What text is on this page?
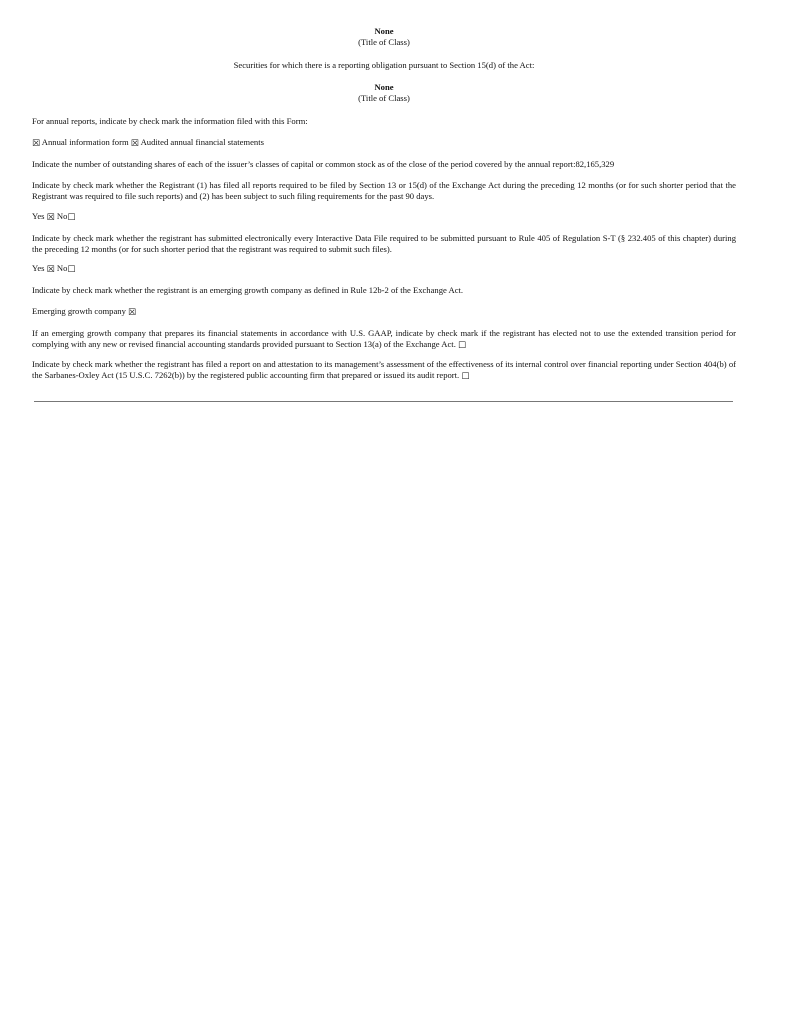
None

(Title of Class)

Securities for which there is a reporting obligation pursuant to Section 15(d) of the Act:

None

(Title of Class)

For annual reports, indicate by check mark the information filed with this Form:

☒ Annual information form ☒ Audited annual financial statements

Indicate the number of outstanding shares of each of the issuer’s classes of capital or common stock as of the close of the period covered by the annual report:82,165,329

Indicate by check mark whether the Registrant (1) has filed all reports required to be filed by Section 13 or 15(d) of the Exchange Act during the preceding 12 months (or for such shorter period that the Registrant was required to file such reports) and (2) has been subject to such filing requirements for the past 90 days.

Yes ☒ No☐

Indicate by check mark whether the registrant has submitted electronically every Interactive Data File required to be submitted pursuant to Rule 405 of Regulation S-T (§ 232.405 of this chapter) during the preceding 12 months (or for such shorter period that the registrant was required to submit such files).

Yes ☒ No☐

Indicate by check mark whether the registrant is an emerging growth company as defined in Rule 12b-2 of the Exchange Act.

Emerging growth company ☒

If an emerging growth company that prepares its financial statements in accordance with U.S. GAAP, indicate by check mark if the registrant has elected not to use the extended transition period for complying with any new or revised financial accounting standards provided pursuant to Section 13(a) of the Exchange Act. ☐

Indicate by check mark whether the registrant has filed a report on and attestation to its management’s assessment of the effectiveness of its internal control over financial reporting under Section 404(b) of the Sarbanes-Oxley Act (15 U.S.C. 7262(b)) by the registered public accounting firm that prepared or issued its audit report. ☐
